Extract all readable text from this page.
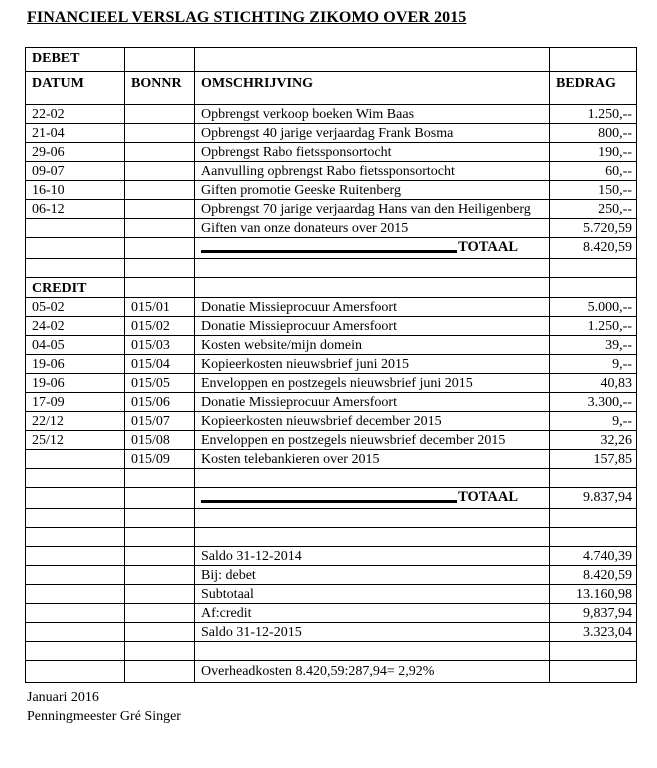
FINANCIEEL VERSLAG STICHTING ZIKOMO OVER 2015
DEBET			
DATUM	BONNR	OMSCHRIJVING	BEDRAG
22-02		Opbrengst verkoop boeken Wim Baas	1.250,--
21-04		Opbrengst 40 jarige verjaardag Frank Bosma	800,--
29-06		Opbrengst Rabo fietssponsortocht	190,--
09-07		Aanvulling opbrengst Rabo fietssponsortocht	60,--
16-10		Giften promotie Geeske Ruitenberg	150,--
06-12		Opbrengst 70 jarige verjaardag Hans van den Heiligenberg	250,--
		Giften van onze donateurs over 2015	5.720,59

		TOTAAL	8.420,59

CREDIT			
05-02	015/01	Donatie Missieprocuur Amersfoort	5.000,--
24-02	015/02	Donatie Missieprocuur Amersfoort	1.250,--
04-05	015/03	Kosten website/mijn domein	39,--
19-06	015/04	Kopieerkosten nieuwsbrief juni 2015	9,--
19-06	015/05	Enveloppen en postzegels nieuwsbrief juni 2015	40,83
17-09	015/06	Donatie Missieprocuur Amersfoort	3.300,--
22/12	015/07	Kopieerkosten nieuwsbrief december 2015	9,--
25/12	015/08	Enveloppen en postzegels nieuwsbrief december 2015	32,26
	015/09	Kosten telebankieren over 2015	157,85

		TOTAAL	9.837,94

		Saldo 31-12-2014	4.740,39
		Bij: debet	8.420,59
		Subtotaal	13.160,98
		Af:credit	9,837,94
		Saldo 31-12-2015	3.323,04

		Overheadkosten 8.420,59:287,94= 2,92%	
Januari 2016
Penningmeester Gré Singer
